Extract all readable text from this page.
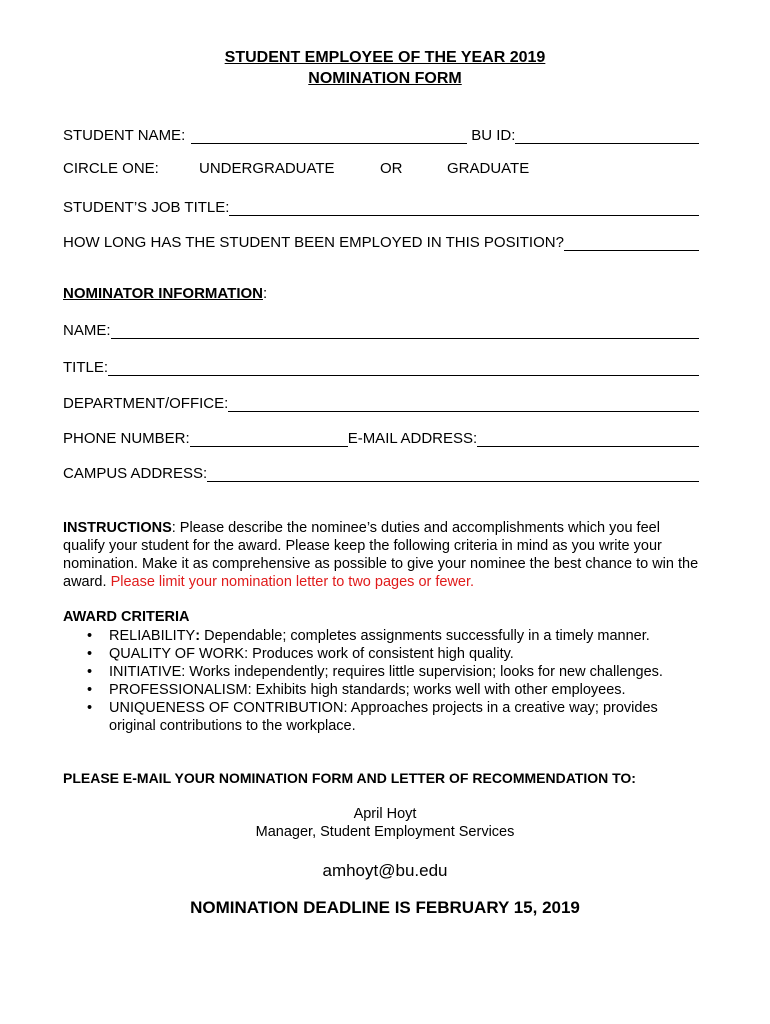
STUDENT EMPLOYEE OF THE YEAR 2019
NOMINATION FORM
STUDENT NAME:	BU ID:
CIRCLE ONE:	UNDERGRADUATE	OR	GRADUATE
STUDENT’S JOB TITLE:
HOW LONG HAS THE STUDENT BEEN EMPLOYED IN THIS POSITION?
NOMINATOR INFORMATION:
NAME:
TITLE:
DEPARTMENT/OFFICE:
PHONE NUMBER:	E-MAIL ADDRESS:
CAMPUS ADDRESS:
INSTRUCTIONS: Please describe the nominee’s duties and accomplishments which you feel qualify your student for the award. Please keep the following criteria in mind as you write your nomination. Make it as comprehensive as possible to give your nominee the best chance to win the award. Please limit your nomination letter to two pages or fewer.
AWARD CRITERIA
• RELIABILITY: Dependable; completes assignments successfully in a timely manner.
• QUALITY OF WORK: Produces work of consistent high quality.
• INITIATIVE: Works independently; requires little supervision; looks for new challenges.
• PROFESSIONALISM: Exhibits high standards; works well with other employees.
• UNIQUENESS OF CONTRIBUTION: Approaches projects in a creative way; provides original contributions to the workplace.
PLEASE E-MAIL YOUR NOMINATION FORM AND LETTER OF RECOMMENDATION TO:
April Hoyt
Manager, Student Employment Services
amhoyt@bu.edu
NOMINATION DEADLINE IS FEBRUARY 15, 2019
